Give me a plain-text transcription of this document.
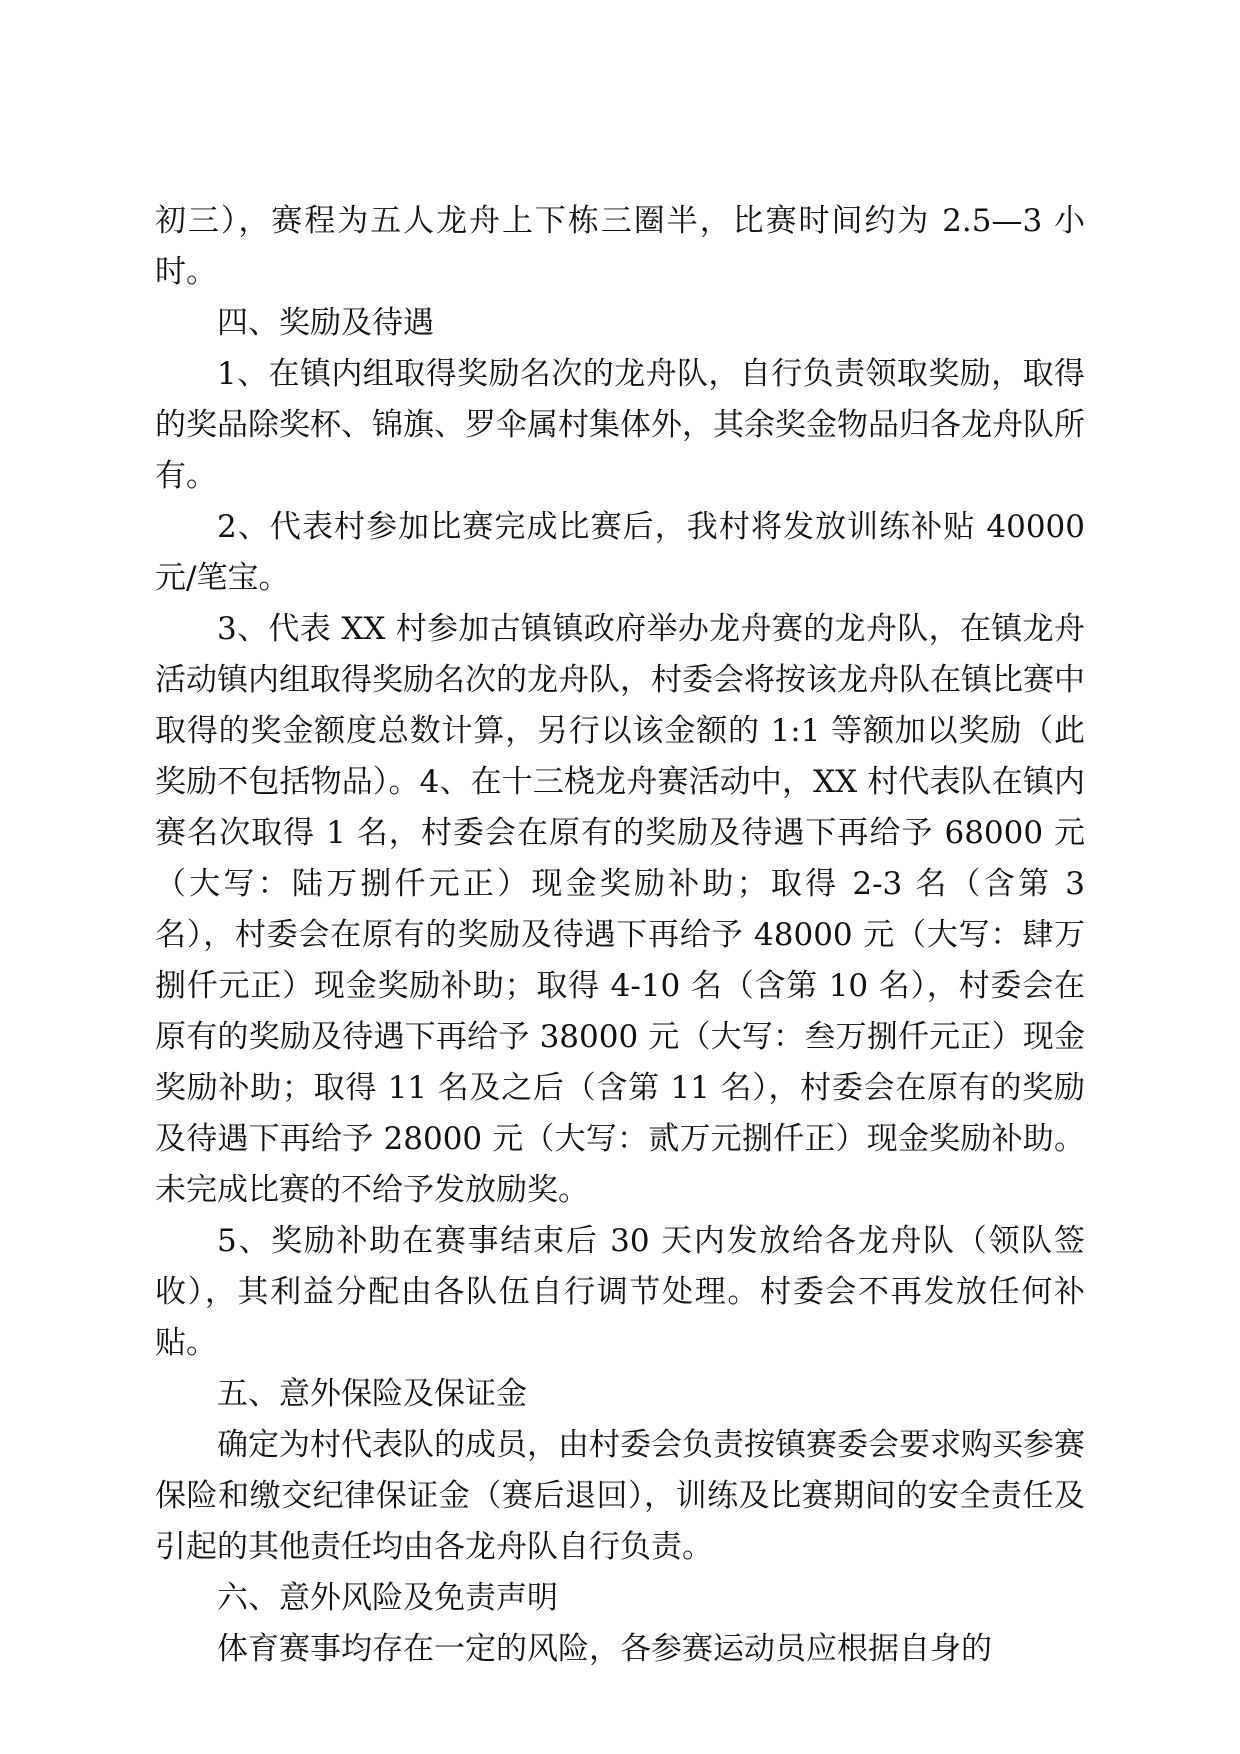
初三），赛程为五人龙舟上下栋三圈半，比赛时间约为 2.5—3 小时。

四、奖励及待遇

1、在镇内组取得奖励名次的龙舟队，自行负责领取奖励，取得的奖品除奖杯、锦旗、罗伞属村集体外，其余奖金物品归各龙舟队所有。

2、代表村参加比赛完成比赛后，我村将发放训练补贴 40000 元/笔宝。

3、代表 XX 村参加古镇镇政府举办龙舟赛的龙舟队，在镇龙舟活动镇内组取得奖励名次的龙舟队，村委会将按该龙舟队在镇比赛中取得的奖金额度总数计算，另行以该金额的 1:1 等额加以奖励（此奖励不包括物品）。4、在十三桡龙舟赛活动中，XX 村代表队在镇内赛名次取得 1 名，村委会在原有的奖励及待遇下再给予 68000 元（大写：陆万捌仟元正）现金奖励补助；取得 2-3 名（含第 3 名），村委会在原有的奖励及待遇下再给予 48000 元（大写：肆万捌仟元正）现金奖励补助；取得 4-10 名（含第 10 名），村委会在原有的奖励及待遇下再给予 38000 元（大写：叁万捌仟元正）现金奖励补助；取得 11 名及之后（含第 11 名），村委会在原有的奖励及待遇下再给予 28000 元（大写：贰万元捌仟正）现金奖励补助。未完成比赛的不给予发放励奖。

5、奖励补助在赛事结束后 30 天内发放给各龙舟队（领队签收），其利益分配由各队伍自行调节处理。村委会不再发放任何补贴。

五、意外保险及保证金

确定为村代表队的成员，由村委会负责按镇赛委会要求购买参赛保险和缴交纪律保证金（赛后退回），训练及比赛期间的安全责任及引起的其他责任均由各龙舟队自行负责。

六、意外风险及免责声明

体育赛事均存在一定的风险，各参赛运动员应根据自身的
